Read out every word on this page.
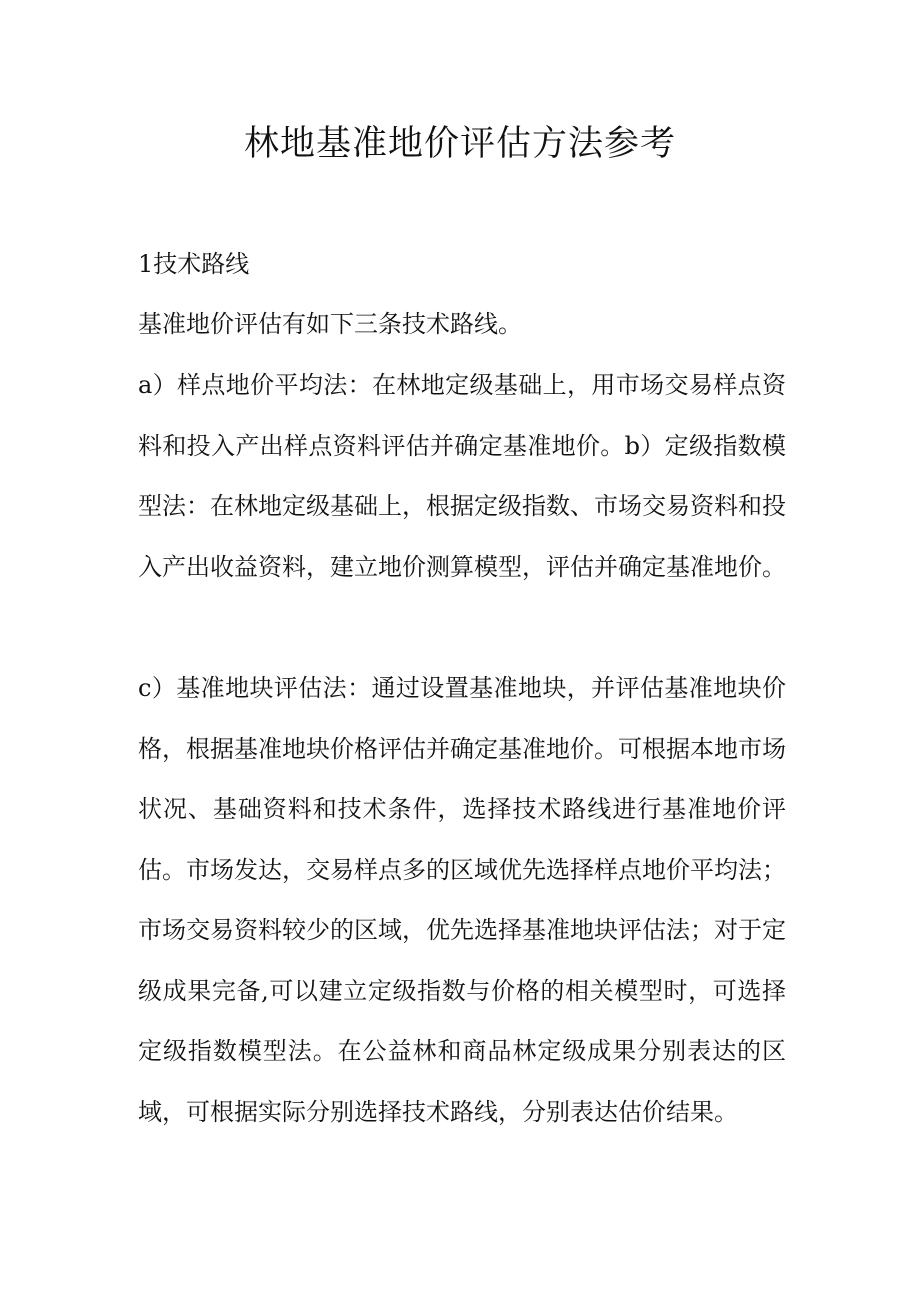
林地基准地价评估方法参考
1技术路线

基准地价评估有如下三条技术路线。

a）样点地价平均法：在林地定级基础上，用市场交易样点资料和投入产出样点资料评估并确定基准地价。b）定级指数模型法：在林地定级基础上，根据定级指数、市场交易资料和投入产出收益资料，建立地价测算模型，评估并确定基准地价。

c）基准地块评估法：通过设置基准地块，并评估基准地块价格，根据基准地块价格评估并确定基准地价。可根据本地市场状况、基础资料和技术条件，选择技术路线进行基准地价评估。市场发达，交易样点多的区域优先选择样点地价平均法；市场交易资料较少的区域，优先选择基准地块评估法；对于定级成果完备,可以建立定级指数与价格的相关模型时，可选择定级指数模型法。在公益林和商品林定级成果分别表达的区域，可根据实际分别选择技术路线，分别表达估价结果。
